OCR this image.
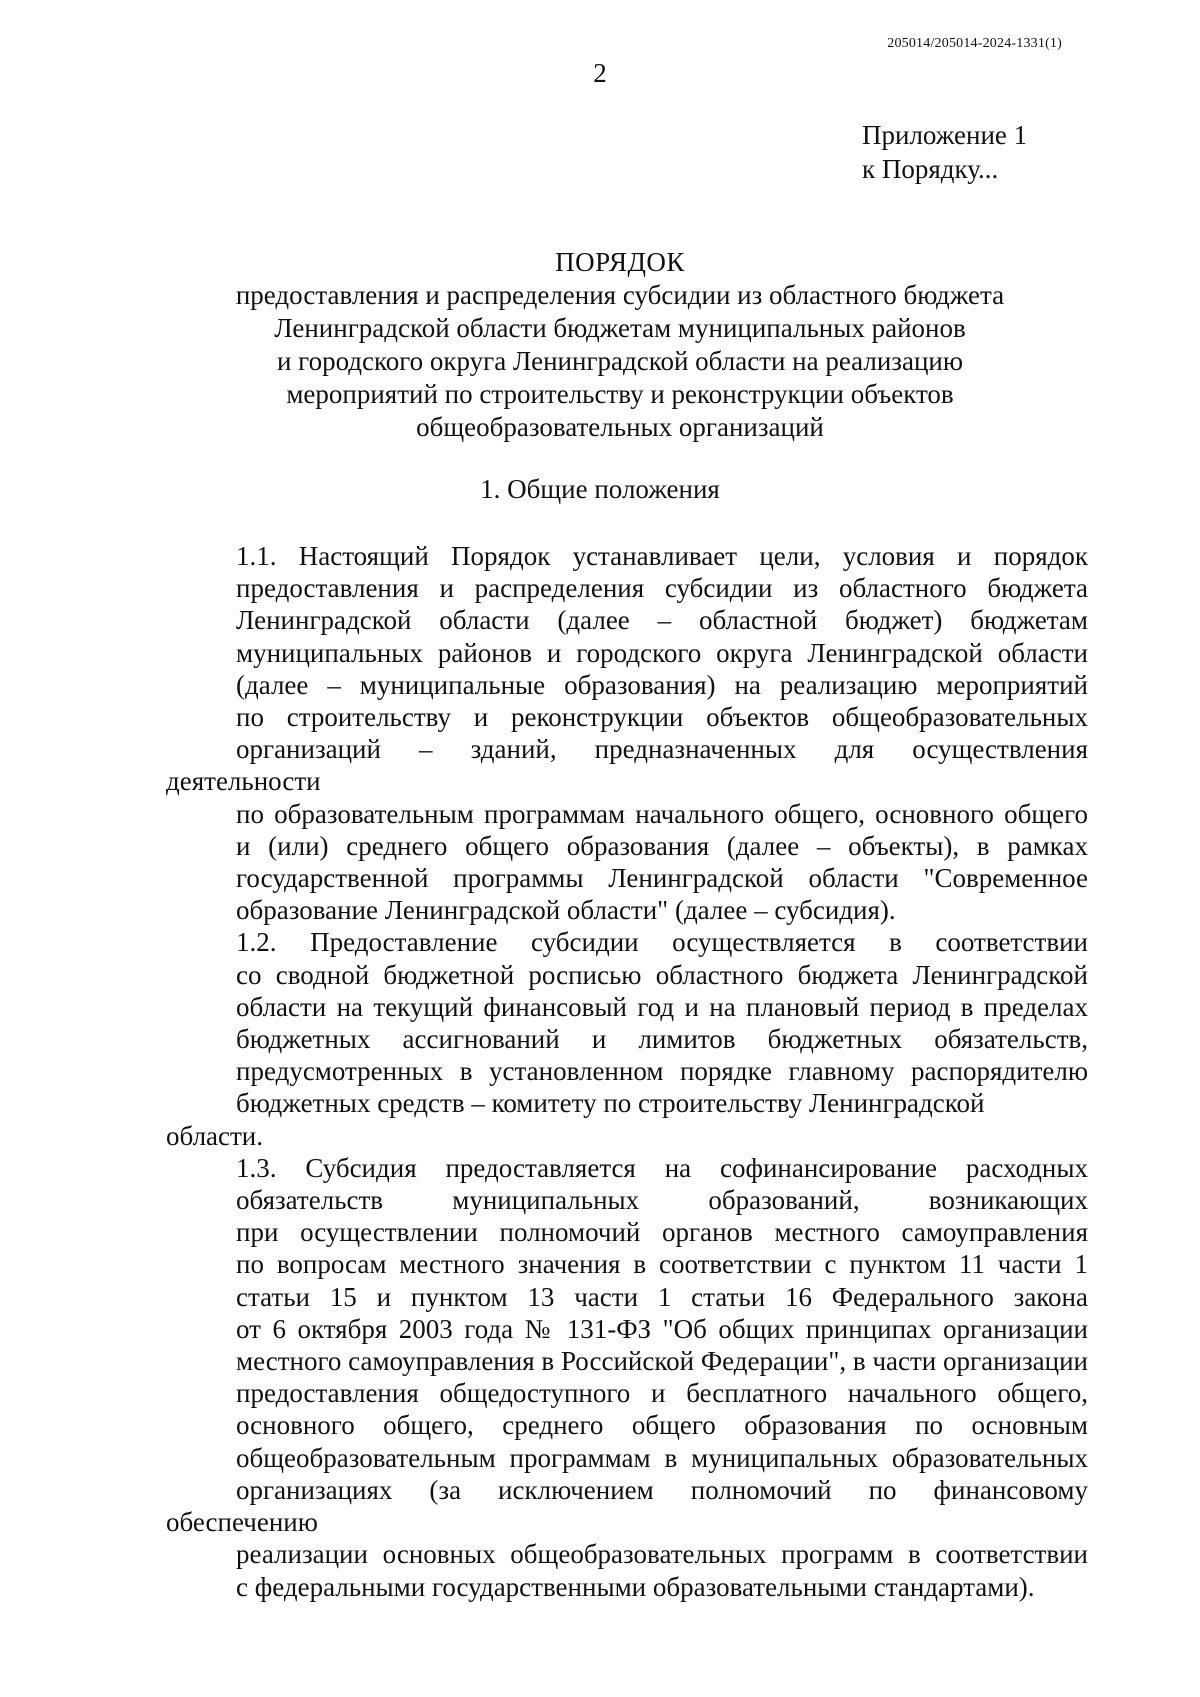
205014/205014-2024-1331(1)
2
Приложение 1
к Порядку...
ПОРЯДОК
предоставления и распределения субсидии из областного бюджета
Ленинградской области бюджетам муниципальных районов
и городского округа Ленинградской области на реализацию
мероприятий по строительству и реконструкции объектов
общеобразовательных организаций
1. Общие положения
1.1. Настоящий Порядок устанавливает цели, условия и порядок
предоставления и распределения субсидии из областного бюджета
Ленинградской области (далее – областной бюджет) бюджетам
муниципальных районов и городского округа Ленинградской области
(далее – муниципальные образования) на реализацию мероприятий
по строительству и реконструкции объектов общеобразовательных
организаций – зданий, предназначенных для осуществления деятельности
по образовательным программам начального общего, основного общего
и (или) среднего общего образования (далее – объекты), в рамках
государственной программы Ленинградской области "Современное
образование Ленинградской области" (далее – субсидия).
1.2. Предоставление субсидии осуществляется в соответствии
со сводной бюджетной росписью областного бюджета Ленинградской
области на текущий финансовый год и на плановый период в пределах
бюджетных ассигнований и лимитов бюджетных обязательств,
предусмотренных в установленном порядке главному распорядителю
бюджетных средств – комитету по строительству Ленинградской области.
1.3. Субсидия предоставляется на софинансирование расходных
обязательств муниципальных образований, возникающих
при осуществлении полномочий органов местного самоуправления
по вопросам местного значения в соответствии с пунктом 11 части 1
статьи 15 и пунктом 13 части 1 статьи 16 Федерального закона
от 6 октября 2003 года № 131-ФЗ "Об общих принципах организации
местного самоуправления в Российской Федерации", в части организации
предоставления общедоступного и бесплатного начального общего,
основного общего, среднего общего образования по основным
общеобразовательным программам в муниципальных образовательных
организациях (за исключением полномочий по финансовому обеспечению
реализации основных общеобразовательных программ в соответствии
с федеральными государственными образовательными стандартами).
